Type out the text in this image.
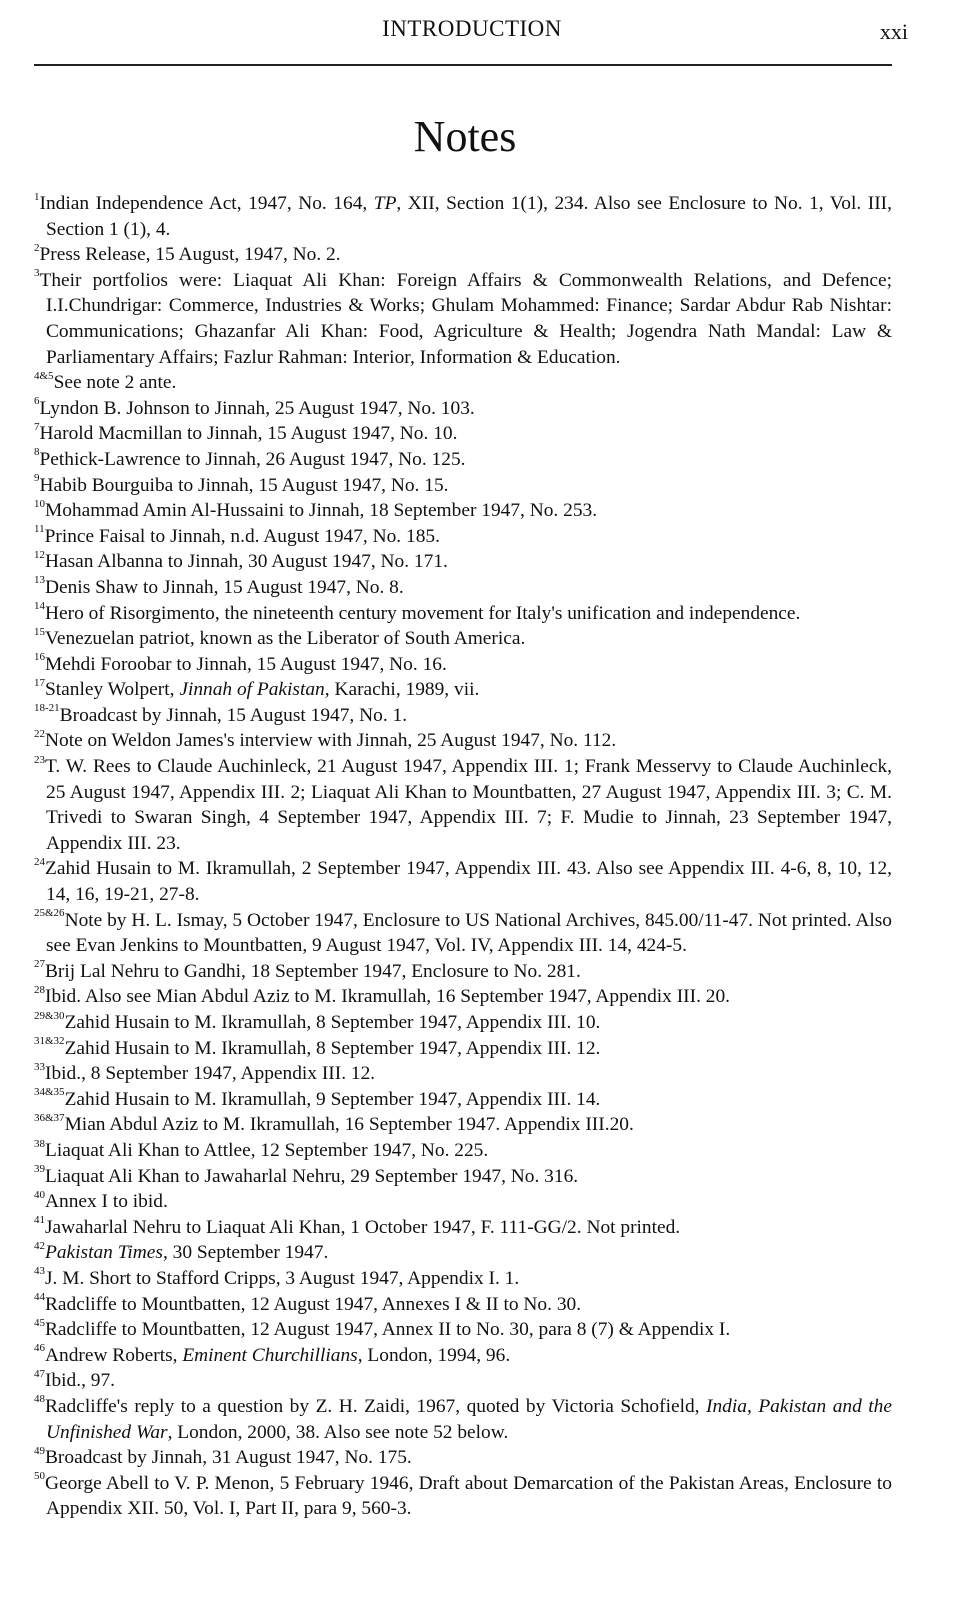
INTRODUCTION	xxi
Notes
$^1$Indian Independence Act, 1947, No. 164, TP, XII, Section 1(1), 234. Also see Enclosure to No. 1, Vol. III, Section 1 (1), 4.
$^2$Press Release, 15 August, 1947, No. 2.
$^3$Their portfolios were: Liaquat Ali Khan: Foreign Affairs & Commonwealth Relations, and Defence; I.I.Chundrigar: Commerce, Industries & Works; Ghulam Mohammed: Finance; Sardar Abdur Rab Nishtar: Communications; Ghazanfar Ali Khan: Food, Agriculture & Health; Jogendra Nath Mandal: Law & Parliamentary Affairs; Fazlur Rahman: Interior, Information & Education.
$^{4\&5}$See note 2 ante.
$^6$Lyndon B. Johnson to Jinnah, 25 August 1947, No. 103.
$^7$Harold Macmillan to Jinnah, 15 August 1947, No. 10.
$^8$Pethick-Lawrence to Jinnah, 26 August 1947, No. 125.
$^9$Habib Bourguiba to Jinnah, 15 August 1947, No. 15.
$^{10}$Mohammad Amin Al-Hussaini to Jinnah, 18 September 1947, No. 253.
$^{11}$Prince Faisal to Jinnah, n.d. August 1947, No. 185.
$^{12}$Hasan Albanna to Jinnah, 30 August 1947, No. 171.
$^{13}$Denis Shaw to Jinnah, 15 August 1947, No. 8.
$^{14}$Hero of Risorgimento, the nineteenth century movement for Italy's unification and independence.
$^{15}$Venezuelan patriot, known as the Liberator of South America.
$^{16}$Mehdi Foroobar to Jinnah, 15 August 1947, No. 16.
$^{17}$Stanley Wolpert, Jinnah of Pakistan, Karachi, 1989, vii.
$^{18-21}$Broadcast by Jinnah, 15 August 1947, No. 1.
$^{22}$Note on Weldon James's interview with Jinnah, 25 August 1947, No. 112.
$^{23}$T. W. Rees to Claude Auchinleck, 21 August 1947, Appendix III. 1; Frank Messervy to Claude Auchinleck, 25 August 1947, Appendix III. 2; Liaquat Ali Khan to Mountbatten, 27 August 1947, Appendix III. 3; C. M. Trivedi to Swaran Singh, 4 September 1947, Appendix III. 7; F. Mudie to Jinnah, 23 September 1947, Appendix III. 23.
$^{24}$Zahid Husain to M. Ikramullah, 2 September 1947, Appendix III. 43. Also see Appendix III. 4-6, 8, 10, 12, 14, 16, 19-21, 27-8.
$^{25\&26}$Note by H. L. Ismay, 5 October 1947, Enclosure to US National Archives, 845.00/11-47. Not printed. Also see Evan Jenkins to Mountbatten, 9 August 1947, Vol. IV, Appendix III. 14, 424-5.
$^{27}$Brij Lal Nehru to Gandhi, 18 September 1947, Enclosure to No. 281.
$^{28}$Ibid. Also see Mian Abdul Aziz to M. Ikramullah, 16 September 1947, Appendix III. 20.
$^{29\&30}$Zahid Husain to M. Ikramullah, 8 September 1947, Appendix III. 10.
$^{31\&32}$Zahid Husain to M. Ikramullah, 8 September 1947, Appendix III. 12.
$^{33}$Ibid., 8 September 1947, Appendix III. 12.
$^{34\&35}$Zahid Husain to M. Ikramullah, 9 September 1947, Appendix III. 14.
$^{36\&37}$Mian Abdul Aziz to M. Ikramullah, 16 September 1947. Appendix III.20.
$^{38}$Liaquat Ali Khan to Attlee, 12 September 1947, No. 225.
$^{39}$Liaquat Ali Khan to Jawaharlal Nehru, 29 September 1947, No. 316.
$^{40}$Annex I to ibid.
$^{41}$Jawaharlal Nehru to Liaquat Ali Khan, 1 October 1947, F. 111-GG/2. Not printed.
$^{42}$Pakistan Times, 30 September 1947.
$^{43}$J. M. Short to Stafford Cripps, 3 August 1947, Appendix I. 1.
$^{44}$Radcliffe to Mountbatten, 12 August 1947, Annexes I & II to No. 30.
$^{45}$Radcliffe to Mountbatten, 12 August 1947, Annex II to No. 30, para 8 (7) & Appendix I.
$^{46}$Andrew Roberts, Eminent Churchillians, London, 1994, 96.
$^{47}$Ibid., 97.
$^{48}$Radcliffe's reply to a question by Z. H. Zaidi, 1967, quoted by Victoria Schofield, India, Pakistan and the Unfinished War, London, 2000, 38. Also see note 52 below.
$^{49}$Broadcast by Jinnah, 31 August 1947, No. 175.
$^{50}$George Abell to V. P. Menon, 5 February 1946, Draft about Demarcation of the Pakistan Areas, Enclosure to Appendix XII. 50, Vol. I, Part II, para 9, 560-3.
